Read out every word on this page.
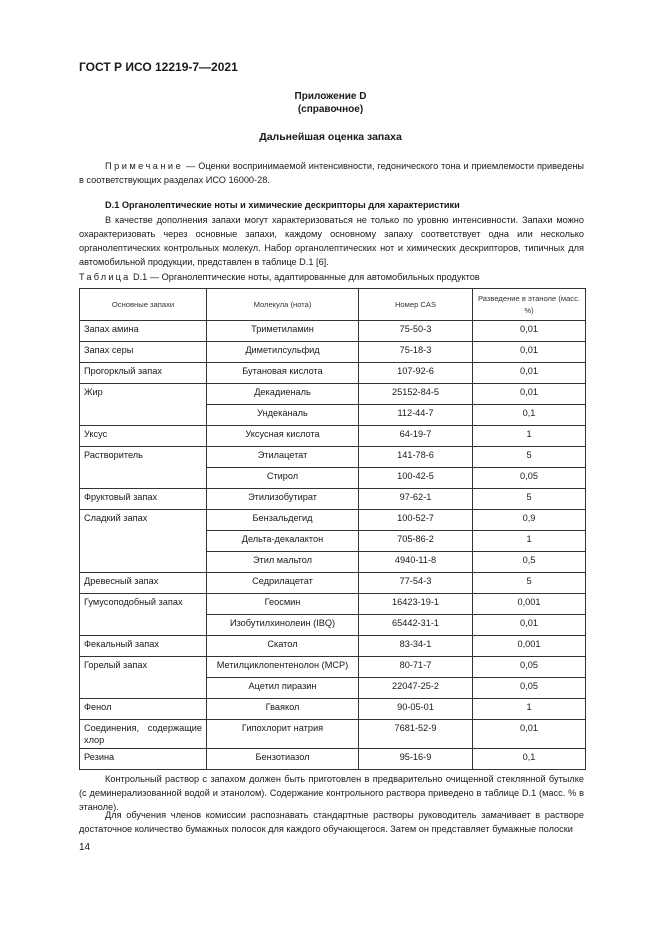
ГОСТ Р ИСО 12219-7—2021
Приложение D
(справочное)
Дальнейшая оценка запаха
Примечание — Оценки воспринимаемой интенсивности, гедонического тона и приемлемости приведены в соответствующих разделах ИСО 16000-28.
D.1 Органолептические ноты и химические дескрипторы для характеристики
В качестве дополнения запахи могут характеризоваться не только по уровню интенсивности. Запахи можно охарактеризовать через основные запахи, каждому основному запаху соответствует одна или несколько органолептических контрольных молекул. Набор органолептических нот и химических дескрипторов, типичных для автомобильной продукции, представлен в таблице D.1 [6].
Таблица D.1 — Органолептические ноты, адаптированные для автомобильных продуктов
Основные запахи	Молекула (нота)	Номер CAS	Разведение в этаноле (масс. %)
Запах амина	Триметиламин	75-50-3	0,01
Запах серы	Диметилсульфид	75-18-3	0,01
Прогорклый запах	Бутановая кислота	107-92-6	0,01
Жир	Декадиеналь	25152-84-5	0,01
	Ундеканаль	112-44-7	0,1
Уксус	Уксусная кислота	64-19-7	1
Растворитель	Этилацетат	141-78-6	5
	Стирол	100-42-5	0,05
Фруктовый запах	Этилизобутират	97-62-1	5
Сладкий запах	Бензальдегид	100-52-7	0,9
	Дельта-декалактон	705-86-2	1
	Этил мальтол	4940-11-8	0,5
Древесный запах	Седрилацетат	77-54-3	5
Гумусоподобный запах	Геосмин	16423-19-1	0,001
	Изобутилхинолеин (IBQ)	65442-31-1	0,01
Фекальный запах	Скатол	83-34-1	0,001
Горелый запах	Метилциклопентенолон (МСР)	80-71-7	0,05
	Ацетил пиразин	22047-25-2	0,05
Фенол	Гваякол	90-05-01	1
Соединения, содержащие хлор	Гипохлорит натрия	7681-52-9	0,01
Резина	Бензотиазол	95-16-9	0,1
Контрольный раствор с запахом должен быть приготовлен в предварительно очищенной стеклянной бутылке (с деминерализованной водой и этанолом). Содержание контрольного раствора приведено в таблице D.1 (масс. % в этаноле).
Для обучения членов комиссии распознавать стандартные растворы руководитель замачивает в растворе достаточное количество бумажных полосок для каждого обучающегося. Затем он представляет бумажные полоски
14
